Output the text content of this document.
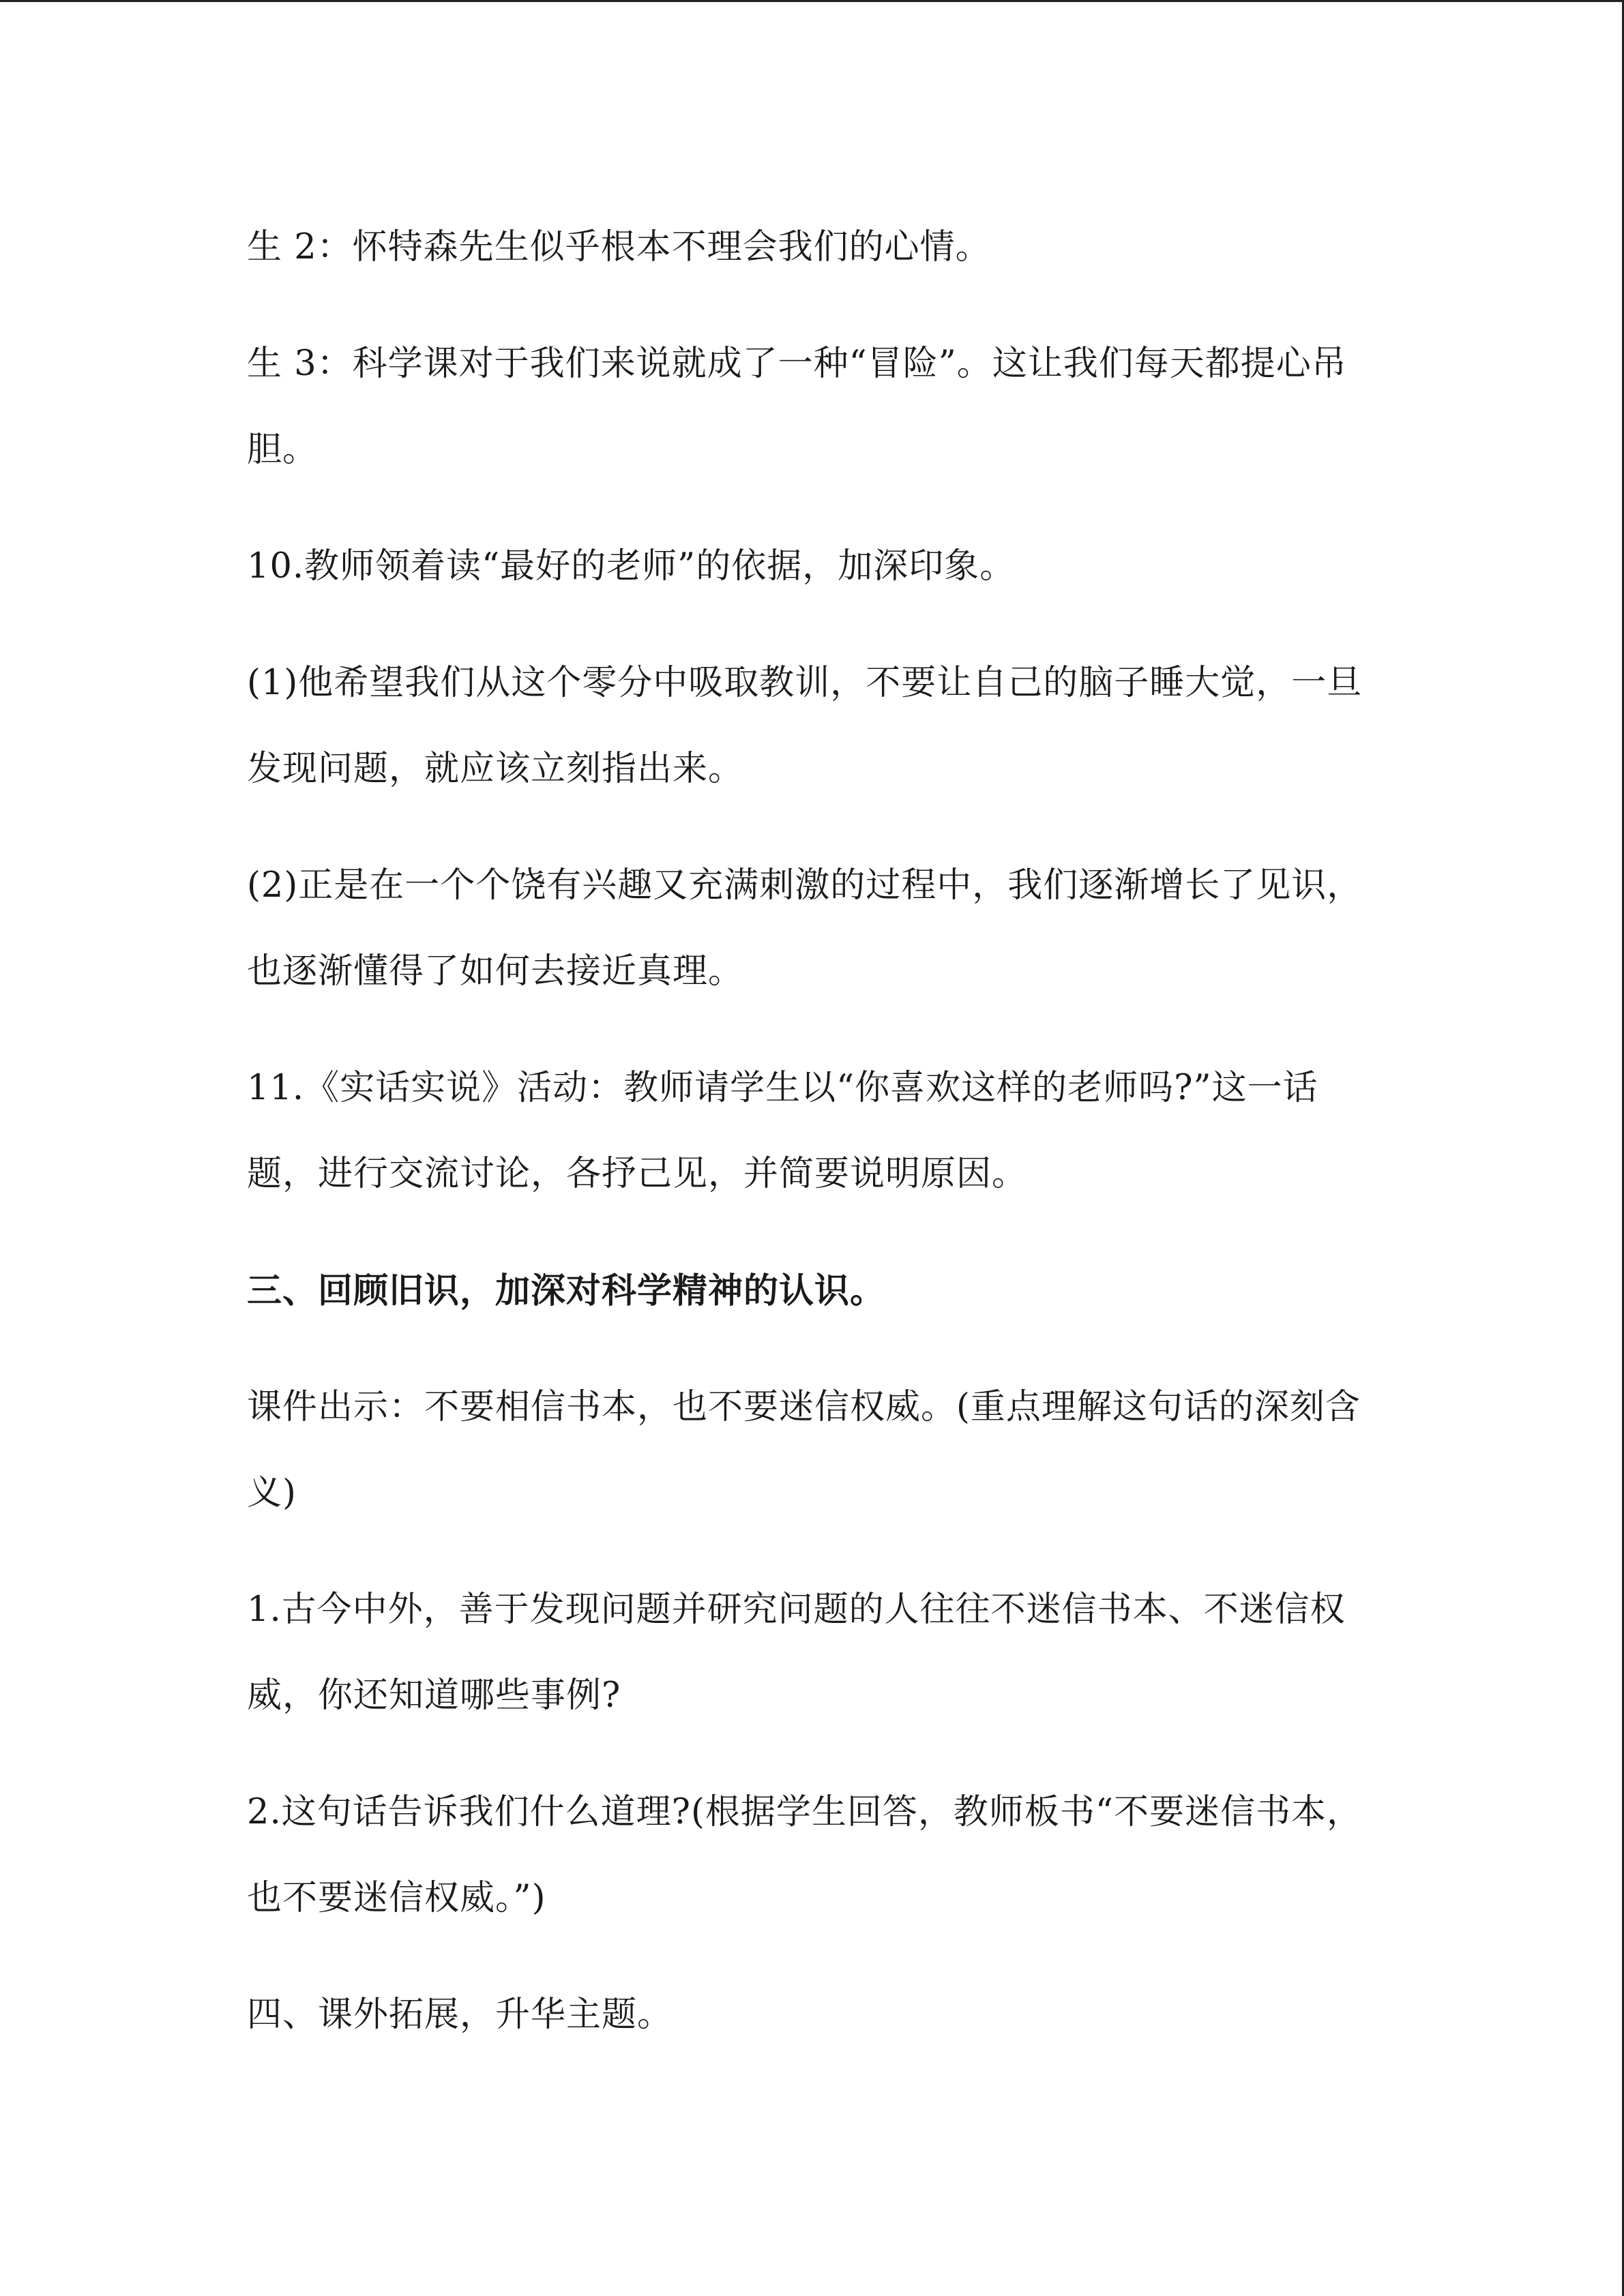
生 2：怀特森先生似乎根本不理会我们的心情。

生 3：科学课对于我们来说就成了一种“冒险”。这让我们每天都提心吊胆。

10.教师领着读“最好的老师”的依据，加深印象。

(1)他希望我们从这个零分中吸取教训，不要让自己的脑子睡大觉，一旦发现问题，就应该立刻指出来。

(2)正是在一个个饶有兴趣又充满刺激的过程中，我们逐渐增长了见识，也逐渐懂得了如何去接近真理。

11.《实话实说》活动：教师请学生以“你喜欢这样的老师吗?”这一话题，进行交流讨论，各抒己见，并简要说明原因。

三、回顾旧识，加深对科学精神的认识。

课件出示：不要相信书本，也不要迷信权威。(重点理解这句话的深刻含义)

1.古今中外，善于发现问题并研究问题的人往往不迷信书本、不迷信权威，你还知道哪些事例?

2.这句话告诉我们什么道理?(根据学生回答，教师板书“不要迷信书本，也不要迷信权威。”)

四、课外拓展，升华主题。
